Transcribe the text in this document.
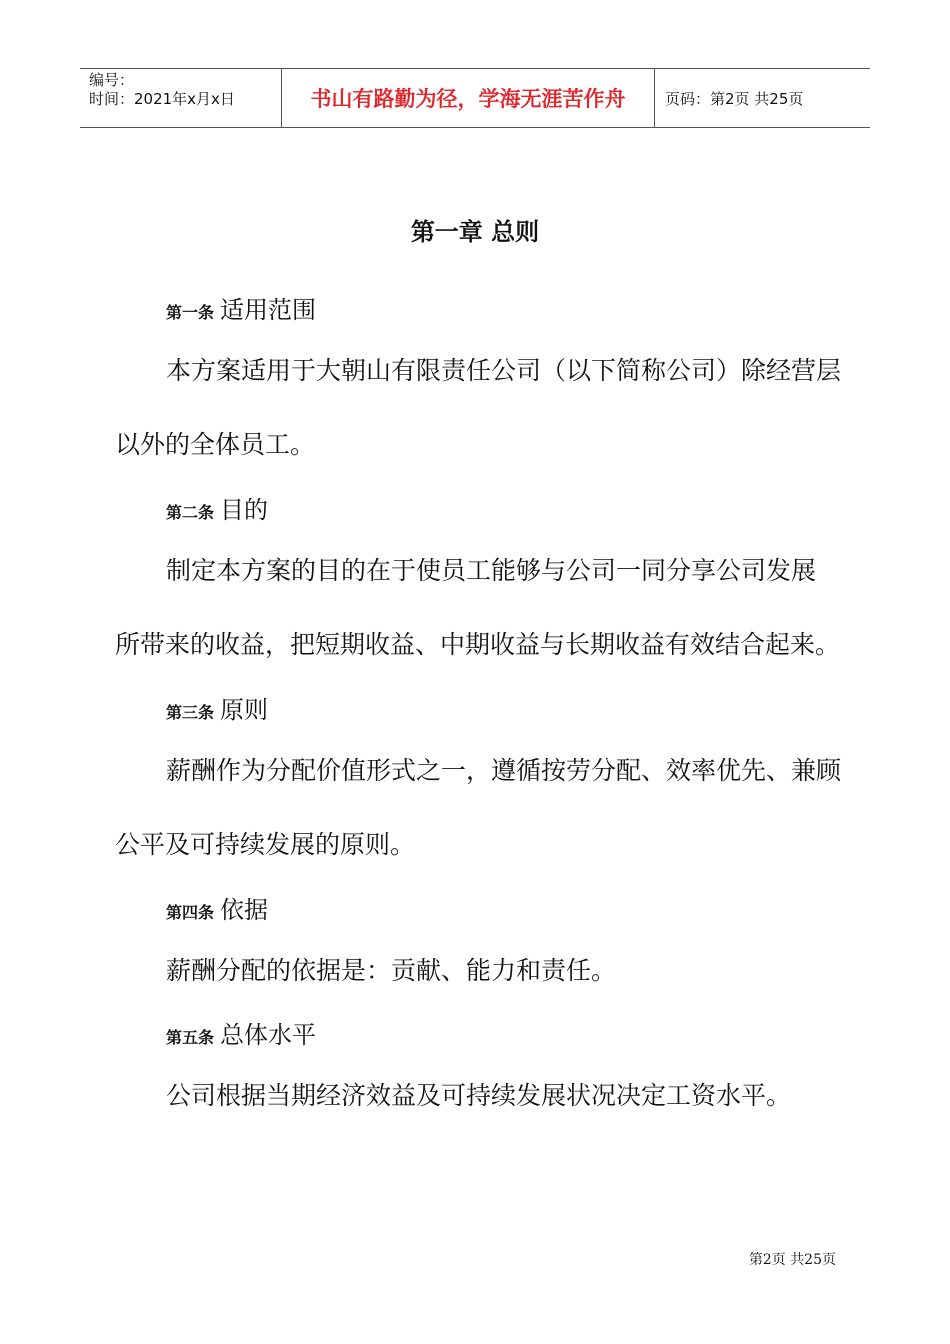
编号：
时间：2021年x月x日	书山有路勤为径，学海无涯苦作舟	页码：第2页 共25页
第一章 总则
第一条 适用范围
本方案适用于大朝山有限责任公司（以下简称公司）除经营层
以外的全体员工。
第二条 目的
制定本方案的目的在于使员工能够与公司一同分享公司发展
所带来的收益，把短期收益、中期收益与长期收益有效结合起来。
第三条 原则
薪酬作为分配价值形式之一，遵循按劳分配、效率优先、兼顾
公平及可持续发展的原则。
第四条 依据
薪酬分配的依据是：贡献、能力和责任。
第五条 总体水平
公司根据当期经济效益及可持续发展状况决定工资水平。
第2页 共25页
